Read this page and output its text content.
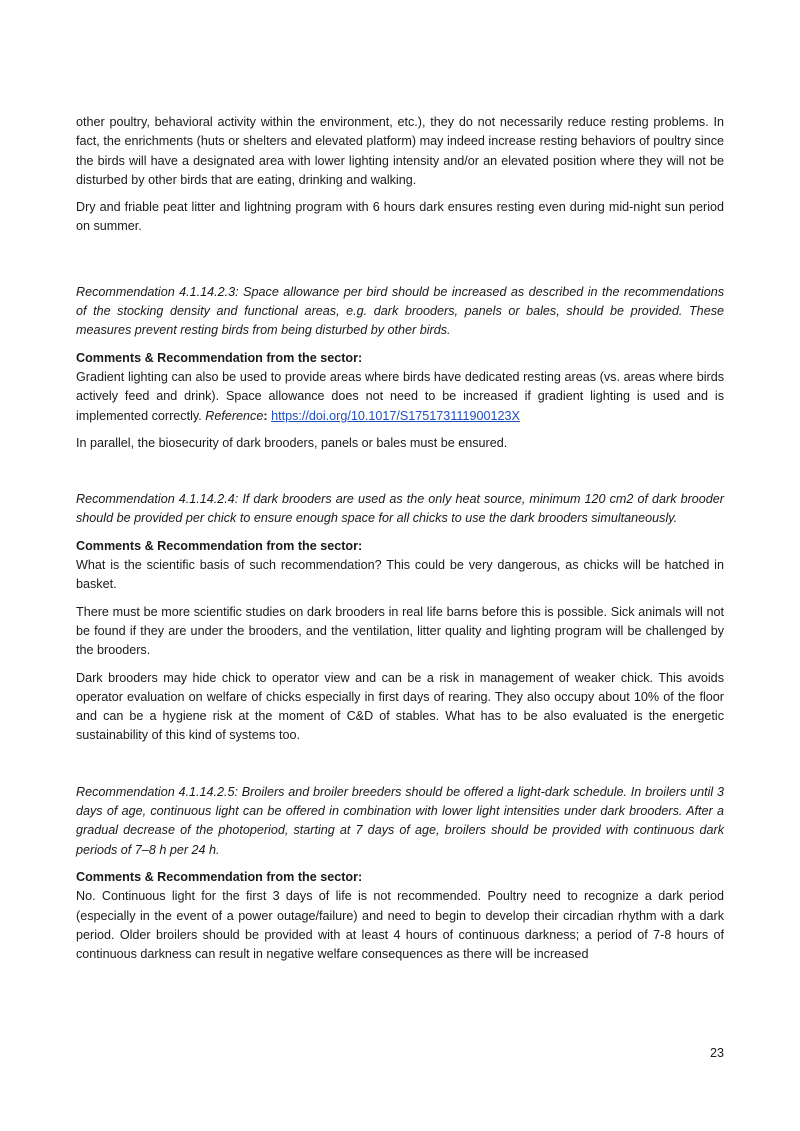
other poultry, behavioral activity within the environment, etc.), they do not necessarily reduce resting problems. In fact, the enrichments (huts or shelters and elevated platform) may indeed increase resting behaviors of poultry since the birds will have a designated area with lower lighting intensity and/or an elevated position where they will not be disturbed by other birds that are eating, drinking and walking.

Dry and friable peat litter and lightning program with 6 hours dark ensures resting even during mid-night sun period on summer.

Recommendation 4.1.14.2.3: Space allowance per bird should be increased as described in the recommendations of the stocking density and functional areas, e.g. dark brooders, panels or bales, should be provided. These measures prevent resting birds from being disturbed by other birds.

Comments & Recommendation from the sector:

Gradient lighting can also be used to provide areas where birds have dedicated resting areas (vs. areas where birds actively feed and drink). Space allowance does not need to be increased if gradient lighting is used and is implemented correctly. Reference: https://doi.org/10.1017/S175173111900123X

In parallel, the biosecurity of dark brooders, panels or bales must be ensured.

Recommendation 4.1.14.2.4: If dark brooders are used as the only heat source, minimum 120 cm2 of dark brooder should be provided per chick to ensure enough space for all chicks to use the dark brooders simultaneously.

Comments & Recommendation from the sector:

What is the scientific basis of such recommendation? This could be very dangerous, as chicks will be hatched in basket.

There must be more scientific studies on dark brooders in real life barns before this is possible. Sick animals will not be found if they are under the brooders, and the ventilation, litter quality and lighting program will be challenged by the brooders.

Dark brooders may hide chick to operator view and can be a risk in management of weaker chick. This avoids operator evaluation on welfare of chicks especially in first days of rearing. They also occupy about 10% of the floor and can be a hygiene risk at the moment of C&D of stables. What has to be also evaluated is the energetic sustainability of this kind of systems too.

Recommendation 4.1.14.2.5: Broilers and broiler breeders should be offered a light-dark schedule. In broilers until 3 days of age, continuous light can be offered in combination with lower light intensities under dark brooders. After a gradual decrease of the photoperiod, starting at 7 days of age, broilers should be provided with continuous dark periods of 7–8 h per 24 h.

Comments & Recommendation from the sector:

No. Continuous light for the first 3 days of life is not recommended. Poultry need to recognize a dark period (especially in the event of a power outage/failure) and need to begin to develop their circadian rhythm with a dark period. Older broilers should be provided with at least 4 hours of continuous darkness; a period of 7-8 hours of continuous darkness can result in negative welfare consequences as there will be increased

23
